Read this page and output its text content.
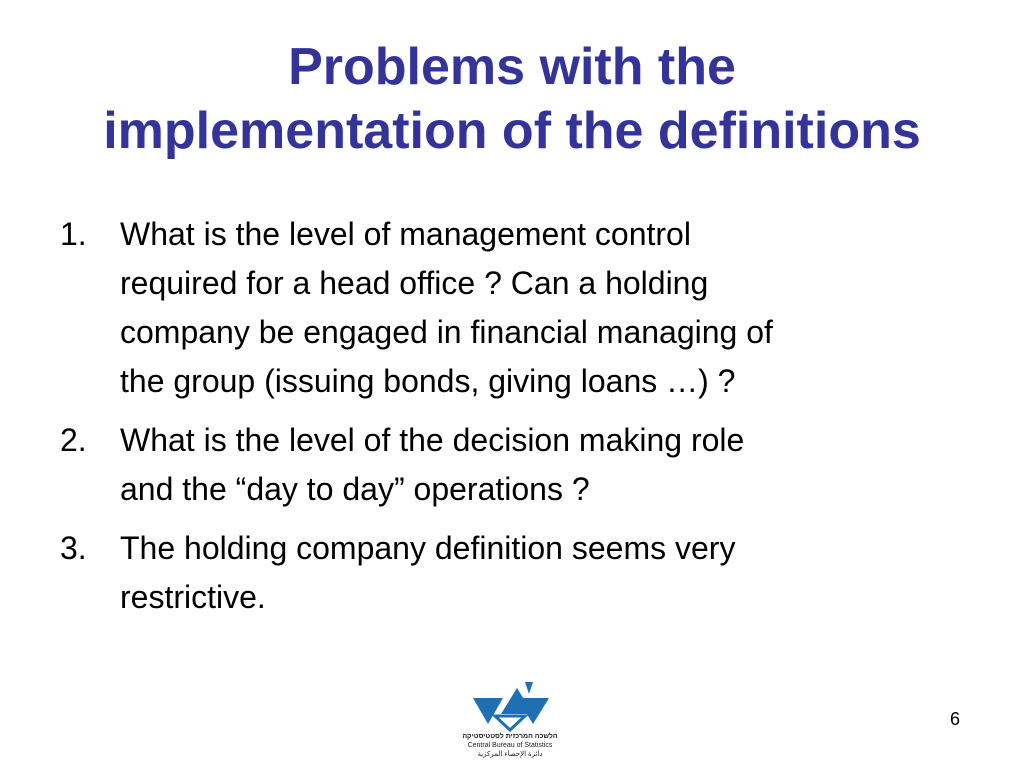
Problems with the
implementation of the definitions
1.	What is the level of management control
required for a head office ? Can a holding
company be engaged in financial managing of
the group (issuing bonds, giving loans …) ?
2.	What is the level of the decision making role
and the “day to day” operations ?
3.	The holding company definition seems very
restrictive.
הלשכה המרכזית לסטטיסטיקה
Central Bureau of Statistics
دائرة الإحصاء المركزية
6
